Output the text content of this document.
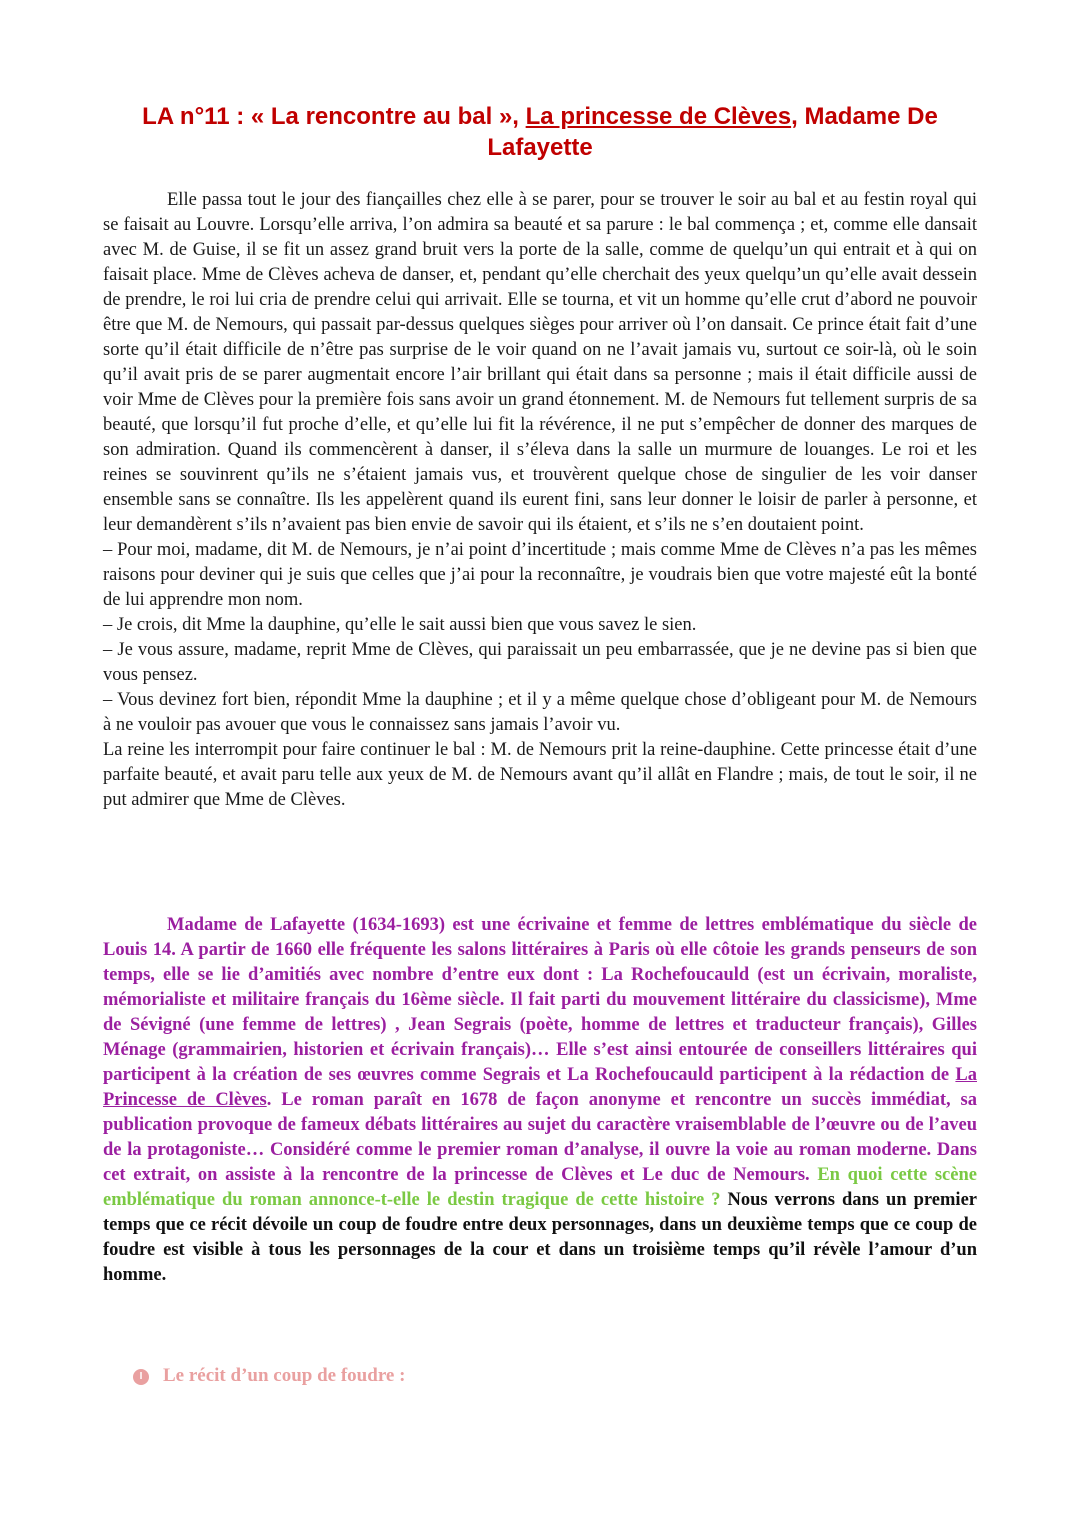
LA n°11 : « La rencontre au bal », La princesse de Clèves, Madame De Lafayette

Elle passa tout le jour des fiançailles chez elle à se parer, pour se trouver le soir au bal et au festin royal qui se faisait au Louvre. Lorsqu’elle arriva, l’on admira sa beauté et sa parure : le bal commença ; et, comme elle dansait avec M. de Guise, il se fit un assez grand bruit vers la porte de la salle, comme de quelqu’un qui entrait et à qui on faisait place. Mme de Clèves acheva de danser, et, pendant qu’elle cherchait des yeux quelqu’un qu’elle avait dessein de prendre, le roi lui cria de prendre celui qui arrivait. Elle se tourna, et vit un homme qu’elle crut d’abord ne pouvoir être que M. de Nemours, qui passait par-dessus quelques sièges pour arriver où l’on dansait. Ce prince était fait d’une sorte qu’il était difficile de n’être pas surprise de le voir quand on ne l’avait jamais vu, surtout ce soir-là, où le soin qu’il avait pris de se parer augmentait encore l’air brillant qui était dans sa personne ; mais il était difficile aussi de voir Mme de Clèves pour la première fois sans avoir un grand étonnement. M. de Nemours fut tellement surpris de sa beauté, que lorsqu’il fut proche d’elle, et qu’elle lui fit la révérence, il ne put s’empêcher de donner des marques de son admiration. Quand ils commencèrent à danser, il s’éleva dans la salle un murmure de louanges. Le roi et les reines se souvinrent qu’ils ne s’étaient jamais vus, et trouvèrent quelque chose de singulier de les voir danser ensemble sans se connaître. Ils les appelèrent quand ils eurent fini, sans leur donner le loisir de parler à personne, et leur demandèrent s’ils n’avaient pas bien envie de savoir qui ils étaient, et s’ils ne s’en doutaient point.

– Pour moi, madame, dit M. de Nemours, je n’ai point d’incertitude ; mais comme Mme de Clèves n’a pas les mêmes raisons pour deviner qui je suis que celles que j’ai pour la reconnaître, je voudrais bien que votre majesté eût la bonté de lui apprendre mon nom.

– Je crois, dit Mme la dauphine, qu’elle le sait aussi bien que vous savez le sien.

– Je vous assure, madame, reprit Mme de Clèves, qui paraissait un peu embarrassée, que je ne devine pas si bien que vous pensez.

– Vous devinez fort bien, répondit Mme la dauphine ; et il y a même quelque chose d’obligeant pour M. de Nemours à ne vouloir pas avouer que vous le connaissez sans jamais l’avoir vu.

La reine les interrompit pour faire continuer le bal : M. de Nemours prit la reine-dauphine. Cette princesse était d’une parfaite beauté, et avait paru telle aux yeux de M. de Nemours avant qu’il allât en Flandre ; mais, de tout le soir, il ne put admirer que Mme de Clèves.

Madame de Lafayette (1634-1693) est une écrivaine et femme de lettres emblématique du siècle de Louis 14. A partir de 1660 elle fréquente les salons littéraires à Paris où elle côtoie les grands penseurs de son temps, elle se lie d’amitiés avec nombre d’entre eux dont : La Rochefoucauld (est un écrivain, moraliste, mémorialiste et militaire français du 16ème siècle. Il fait parti du mouvement littéraire du classicisme), Mme de Sévigné (une femme de lettres) , Jean Segrais (poète, homme de lettres et traducteur français), Gilles Ménage (grammairien, historien et écrivain français)… Elle s’est ainsi entourée de conseillers littéraires qui participent à la création de ses œuvres comme Segrais et La Rochefoucauld participent à la rédaction de La Princesse de Clèves. Le roman paraît en 1678 de façon anonyme et rencontre un succès immédiat, sa publication provoque de fameux débats littéraires au sujet du caractère vraisemblable de l’œuvre ou de l’aveu de la protagoniste… Considéré comme le premier roman d’analyse, il ouvre la voie au roman moderne. Dans cet extrait, on assiste à la rencontre de la princesse de Clèves et Le duc de Nemours. En quoi cette scène emblématique du roman annonce-t-elle le destin tragique de cette histoire ? Nous verrons dans un premier temps que ce récit dévoile un coup de foudre entre deux personnages, dans un deuxième temps que ce coup de foudre est visible à tous les personnages de la cour et dans un troisième temps qu’il révèle l’amour d’un homme.
I Le récit d’un coup de foudre :
